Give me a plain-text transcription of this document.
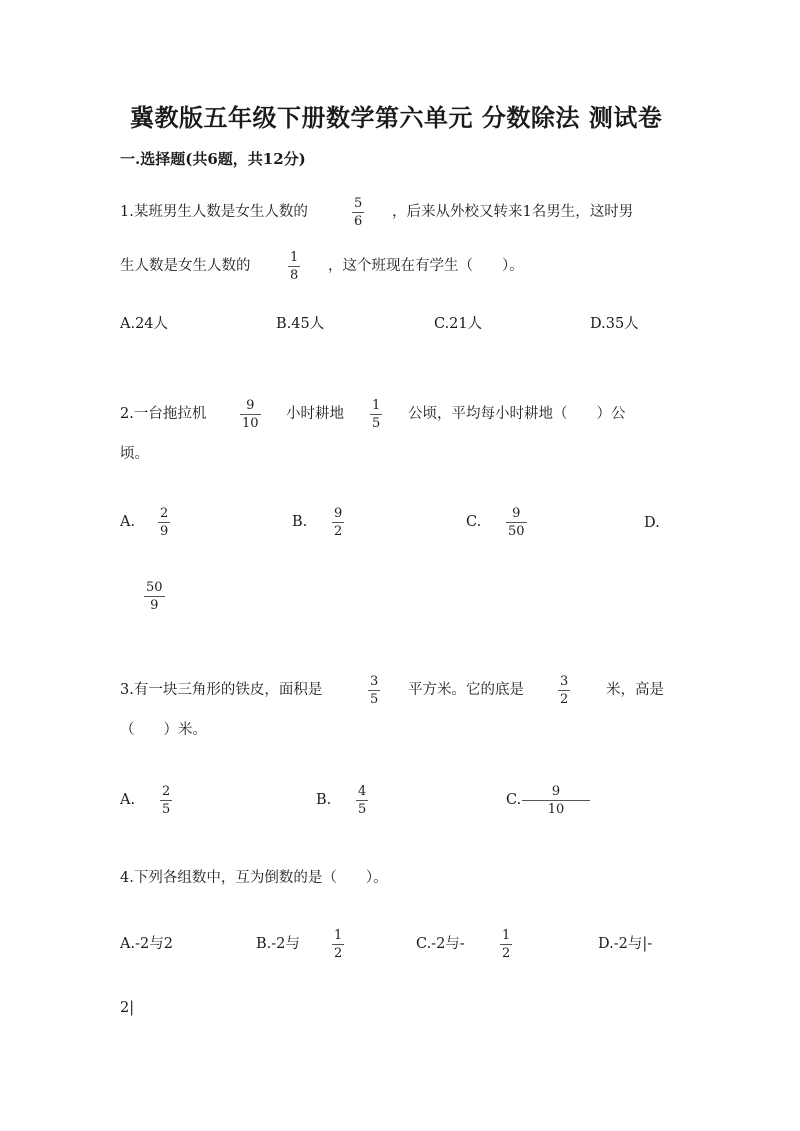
冀教版五年级下册数学第六单元 分数除法 测试卷
一.选择题(共6题，共12分)
1.某班男生人数是女生人数的
5
6
，后来从外校又转来1名男生，这时男
生人数是女生人数的
1
8
，这个班现在有学生（　　）。
A.24人	B.45人	C.21人	D.35人
2.一台拖拉机
9
10
小时耕地
1
5
公顷，平均每小时耕地（　　）公
顷。
A.
2
9
B.
9
2
C.
9
50
D.
50
9
3.有一块三角形的铁皮，面积是
3
5
平方米。它的底是
3
2
米，高是
（　　）米。
A.
2
5
B.
4
5
C.
9
10
4.下列各组数中，互为倒数的是（　　）。
A.-2与2	B.-2与
1
2
C.-2与-
1
2
D.-2与|-
2|
